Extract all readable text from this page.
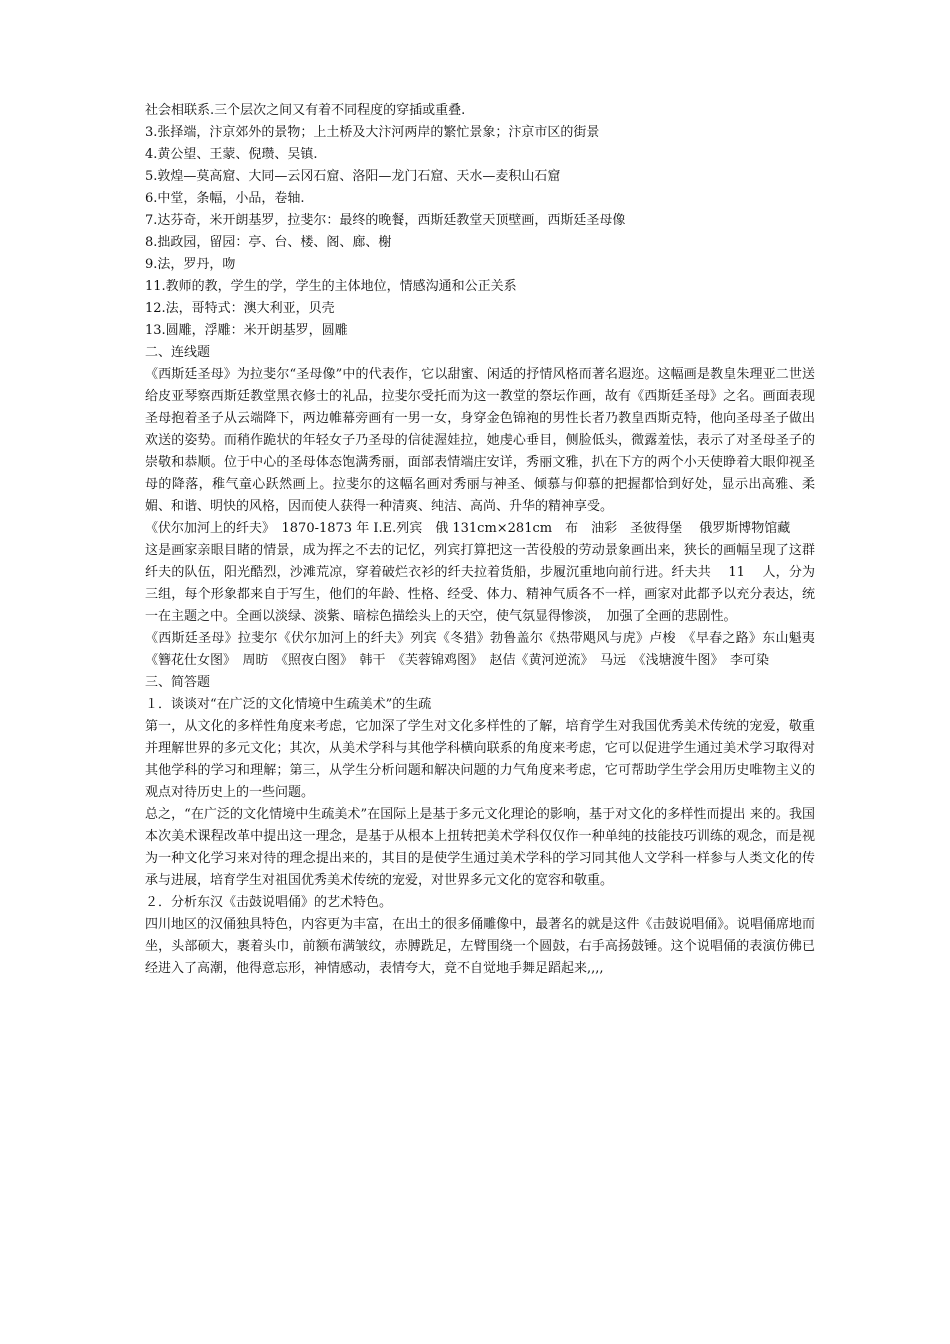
社会相联系.三个层次之间又有着不同程度的穿插或重叠.

3.张择端，汴京郊外的景物；上土桥及大汴河两岸的繁忙景象；汴京市区的街景

4.黄公望、王蒙、倪瓒、吴镇.

5.敦煌—莫高窟、大同—云冈石窟、洛阳—龙门石窟、天水—麦积山石窟

6.中堂，条幅，小品，卷轴.

7.达芬奇，米开朗基罗，拉斐尔：最终的晚餐，西斯廷教堂天顶壁画，西斯廷圣母像

8.拙政园，留园：亭、台、楼、阁、廊、榭

9.法，罗丹，吻

11.教师的教，学生的学，学生的主体地位，情感沟通和公正关系

12.法，哥特式：澳大利亚，贝壳

13.圆雕，浮雕：米开朗基罗，圆雕

二、连线题

《西斯廷圣母》为拉斐尔“圣母像”中的代表作，它以甜蜜、闲适的抒情风格而著名遐迩。这幅画是教皇朱理亚二世送给皮亚琴察西斯廷教堂黑衣修士的礼品，拉斐尔受托而为这一教堂的祭坛作画，故有《西斯廷圣母》之名。画面表现圣母抱着圣子从云端降下，两边帷幕旁画有一男一女，身穿金色锦袍的男性长者乃教皇西斯克特，他向圣母圣子做出欢送的姿势。而稍作跪状的年轻女子乃圣母的信徒渥娃拉，她虔心垂目，侧脸低头，微露羞怯，表示了对圣母圣子的崇敬和恭顺。位于中心的圣母体态饱满秀丽，面部表情端庄安详，秀丽文雅，扒在下方的两个小天使睁着大眼仰视圣母的降落，稚气童心跃然画上。拉斐尔的这幅名画对秀丽与神圣、倾慕与仰慕的把握都恰到好处，显示出高雅、柔媚、和谐、明快的风格，因而使人获得一种清爽、纯洁、高尚、升华的精神享受。

《伏尔加河上的纤夫》　1870-1873 年 I.E.列宾　俄 131cm×281cm　布　油彩　圣彼得堡　 俄罗斯博物馆藏

这是画家亲眼目睹的情景，成为挥之不去的记忆，列宾打算把这一苦役般的劳动景象画出来，狭长的画幅呈现了这群纤夫的队伍，阳光酷烈，沙滩荒凉，穿着破烂衣衫的纤夫拉着货船，步履沉重地向前行进。纤夫共　 11　 人，分为三组，每个形象都来自于写生，他们的年龄、性格、经受、体力、精神气质各不一样，画家对此都予以充分表达，统一在主题之中。全画以淡绿、淡紫、暗棕色描绘头上的天空，使气氛显得惨淡，　加强了全画的悲剧性。

《西斯廷圣母》拉斐尔《伏尔加河上的纤夫》列宾《冬猎》勃鲁盖尔《热带飓风与虎》卢梭　《早春之路》东山魁夷《簪花仕女图》　周昉　《照夜白图》　韩干　《芙蓉锦鸡图》　赵佶《黄河逆流》　马远　《浅塘渡牛图》　李可染

三、简答题

１．谈谈对“在广泛的文化情境中生疏美术”的生疏

第一，从文化的多样性角度来考虑，它加深了学生对文化多样性的了解，培育学生对我国优秀美术传统的宠爱，敬重并理解世界的多元文化；其次，从美术学科与其他学科横向联系的角度来考虑，它可以促进学生通过美术学习取得对其他学科的学习和理解；第三，从学生分析问题和解决问题的力气角度来考虑，它可帮助学生学会用历史唯物主义的观点对待历史上的一些问题。

总之，“在广泛的文化情境中生疏美术”在国际上是基于多元文化理论的影响，基于对文化的多样性而提出 来的。我国本次美术课程改革中提出这一理念，是基于从根本上扭转把美术学科仅仅作一种单纯的技能技巧训练的观念，而是视为一种文化学习来对待的理念提出来的，其目的是使学生通过美术学科的学习同其他人文学科一样参与人类文化的传承与进展，培育学生对祖国优秀美术传统的宠爱，对世界多元文化的宽容和敬重。

２．分析东汉《击鼓说唱俑》的艺术特色。

四川地区的汉俑独具特色，内容更为丰富，在出土的很多俑雕像中，最著名的就是这件《击鼓说唱俑》。说唱俑席地而坐，头部硕大，裹着头巾，前额布满皱纹，赤膊跣足，左臂围绕一个圆鼓，右手高扬鼓锤。这个说唱俑的表演仿佛已经进入了高潮，他得意忘形，神情感动，表情夸大，竟不自觉地手舞足蹈起来,,,,
